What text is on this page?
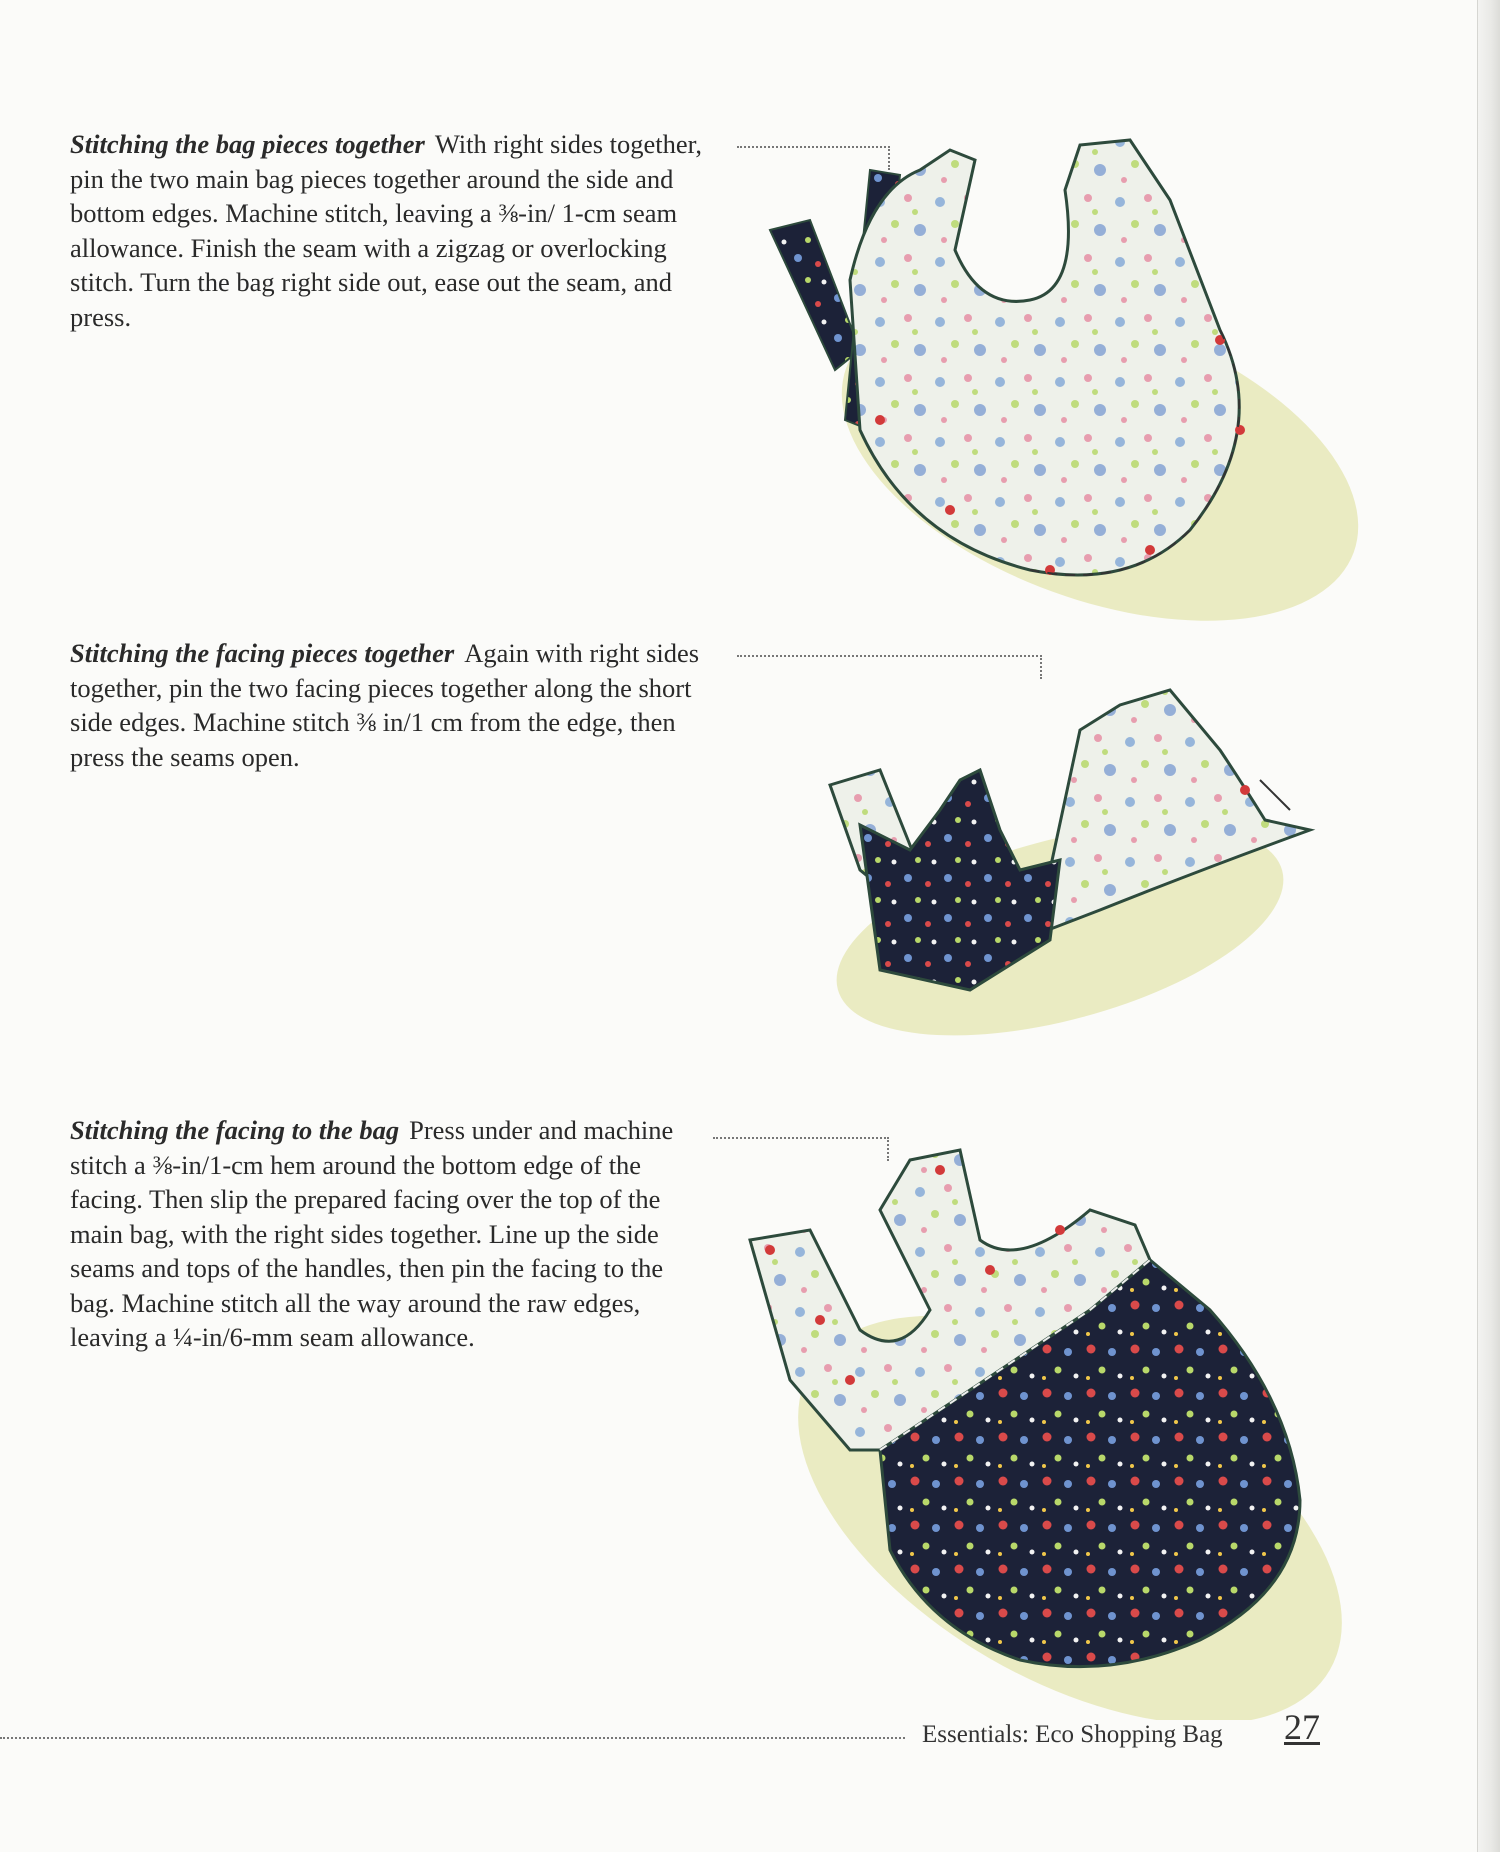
Stitching the bag pieces together With right sides together, pin the two main bag pieces together around the side and bottom edges. Machine stitch, leaving a ⅜-in/ 1-cm seam allowance. Finish the seam with a zigzag or overlocking stitch. Turn the bag right side out, ease out the seam, and press.

Stitching the facing pieces together Again with right sides together, pin the two facing pieces together along the short side edges. Machine stitch ⅜ in/1 cm from the edge, then press the seams open.

Stitching the facing to the bag Press under and machine stitch a ⅜-in/1-cm hem around the bottom edge of the facing. Then slip the prepared facing over the top of the main bag, with the right sides together. Line up the side seams and tops of the handles, then pin the facing to the bag. Machine stitch all the way around the raw edges, leaving a ¼-in/6-mm seam allowance.

Essentials: Eco Shopping Bag 27
